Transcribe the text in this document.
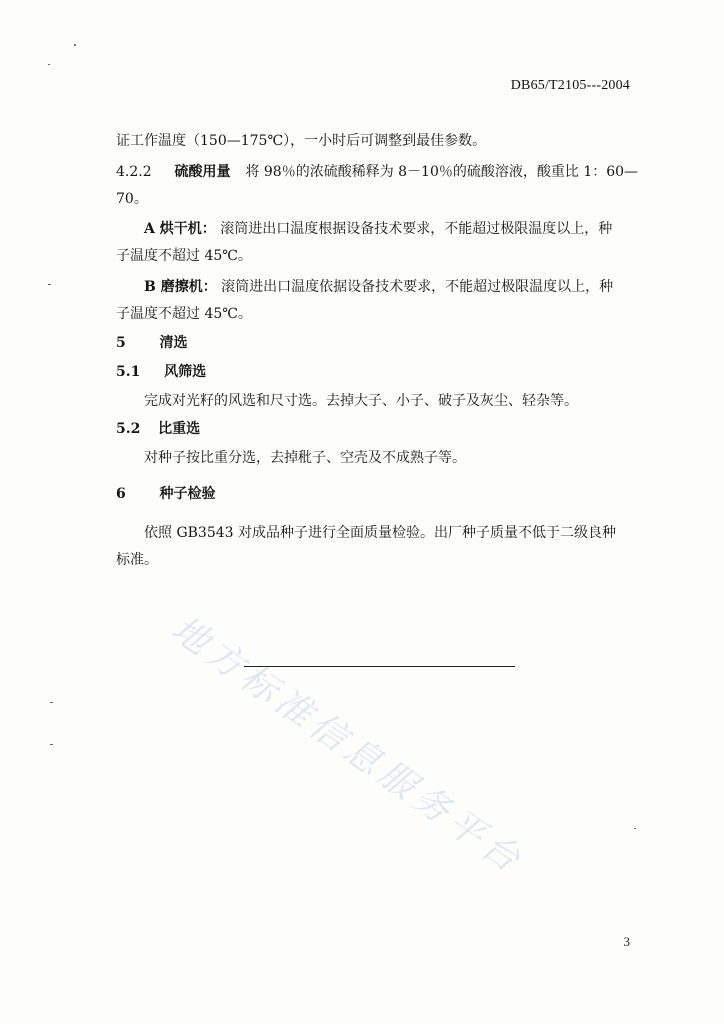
DB65/T2105---2004
证工作温度（150—175℃），一小时后可调整到最佳参数。
4.2.2 硫酸用量 将 98％的浓硫酸稀释为 8－10％的硫酸溶液，酸重比 1：60—
70。
A 烘干机： 滚筒进出口温度根据设备技术要求，不能超过极限温度以上，种
子温度不超过 45℃。
B 磨擦机： 滚筒进出口温度依据设备技术要求，不能超过极限温度以上，种
子温度不超过 45℃。
5 清选
5.1 风筛选
完成对光籽的风选和尺寸选。去掉大子、小子、破子及灰尘、轻杂等。
5.2 比重选
对种子按比重分选，去掉秕子、空壳及不成熟子等。
6 种子检验
依照 GB3543 对成品种子进行全面质量检验。出厂种子质量不低于二级良种
标准。
地方标准信息服务平台
3
